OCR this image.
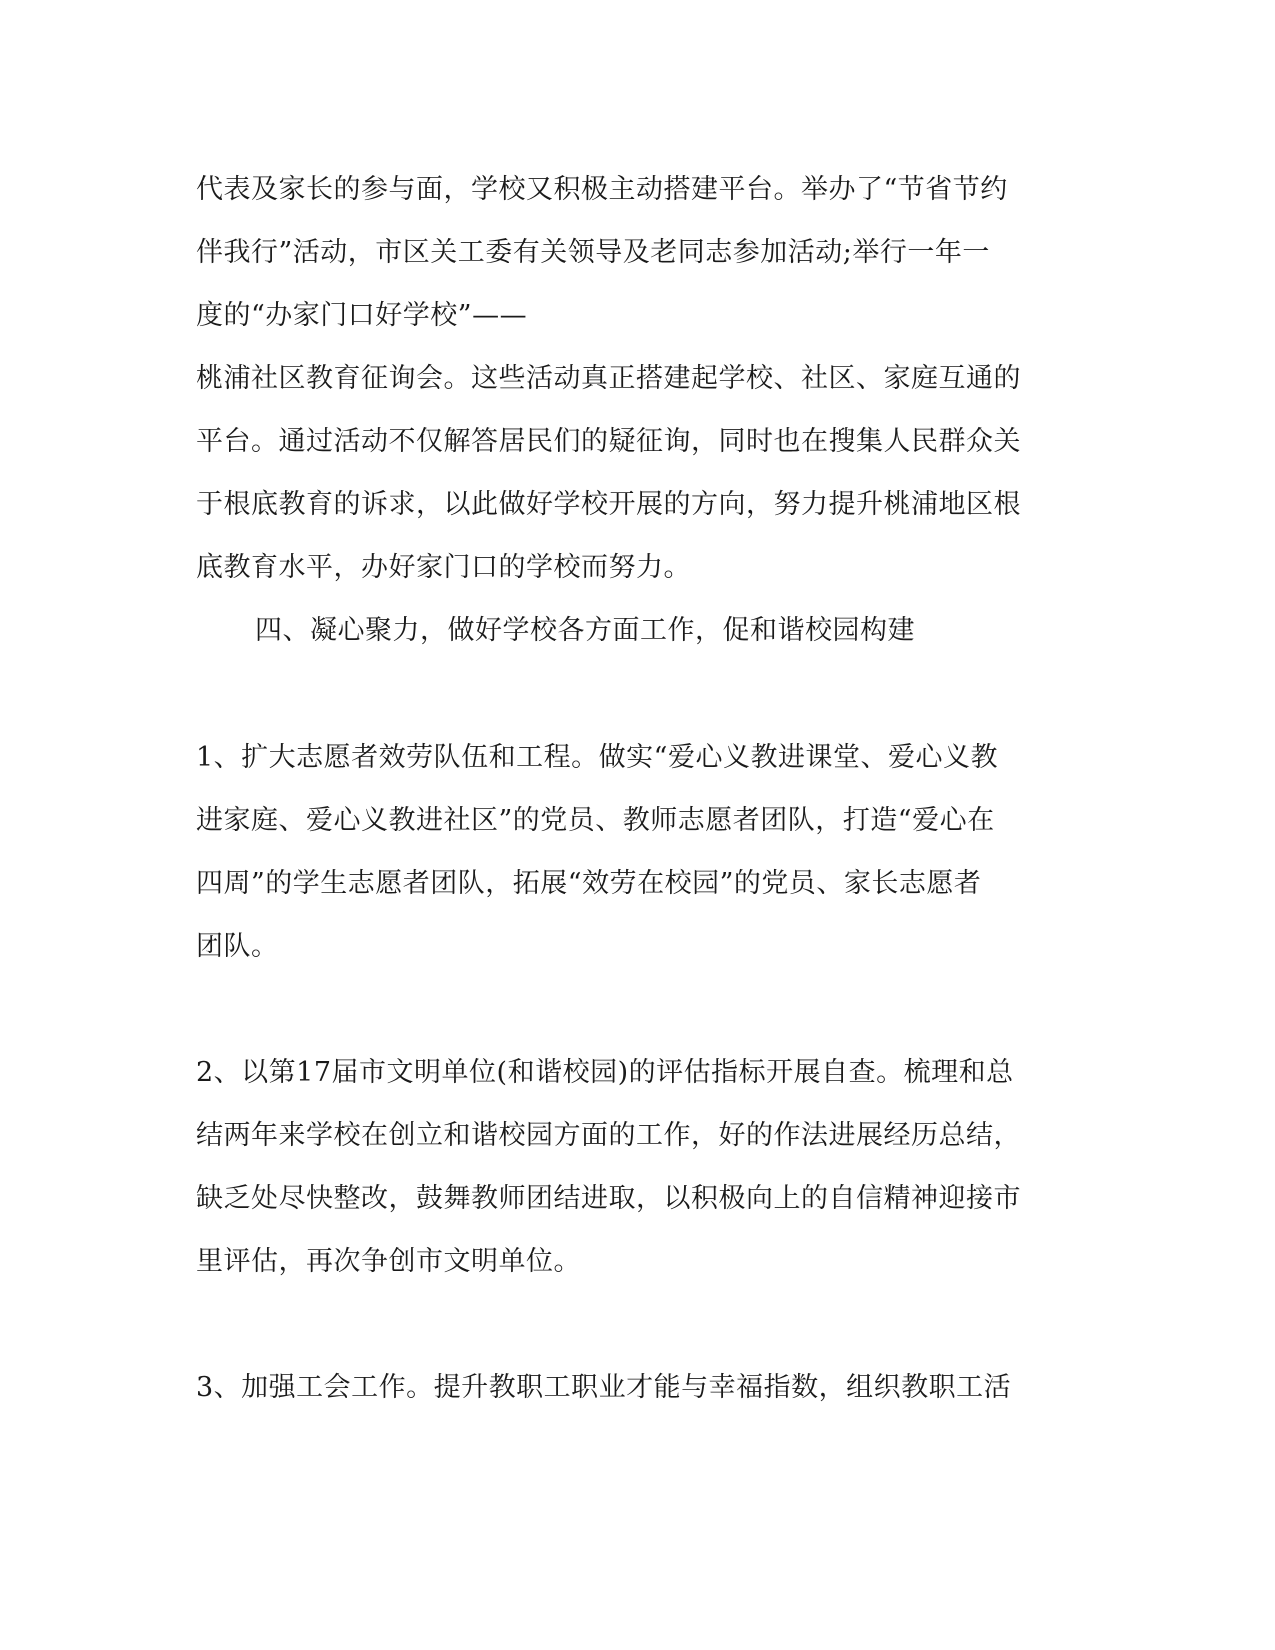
代表及家长的参与面，学校又积极主动搭建平台。举办了“节省节约
伴我行”活动，市区关工委有关领导及老同志参加活动;举行一年一
度的“办家门口好学校”——
桃浦社区教育征询会。这些活动真正搭建起学校、社区、家庭互通的
平台。通过活动不仅解答居民们的疑征询，同时也在搜集人民群众关
于根底教育的诉求，以此做好学校开展的方向，努力提升桃浦地区根
底教育水平，办好家门口的学校而努力。
四、凝心聚力，做好学校各方面工作，促和谐校园构建
1、扩大志愿者效劳队伍和工程。做实“爱心义教进课堂、爱心义教
进家庭、爱心义教进社区”的党员、教师志愿者团队，打造“爱心在
四周”的学生志愿者团队，拓展“效劳在校园”的党员、家长志愿者
团队。
2、以第17届市文明单位(和谐校园)的评估指标开展自查。梳理和总
结两年来学校在创立和谐校园方面的工作，好的作法进展经历总结，
缺乏处尽快整改，鼓舞教师团结进取，以积极向上的自信精神迎接市
里评估，再次争创市文明单位。
3、加强工会工作。提升教职工职业才能与幸福指数，组织教职工活
